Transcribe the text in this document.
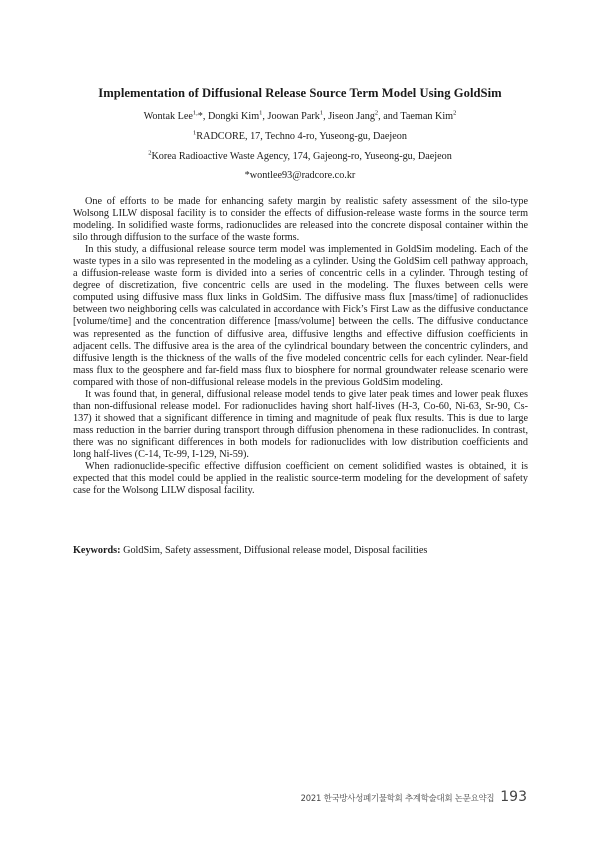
Implementation of Diffusional Release Source Term Model Using GoldSim
Wontak Lee$^{1,}$*, Dongki Kim$^1$, Joowan Park$^1$, Jiseon Jang$^2$, and Taeman Kim$^2$
$^1$RADCORE, 17, Techno 4-ro, Yuseong-gu, Daejeon
$^2$Korea Radioactive Waste Agency, 174, Gajeong-ro, Yuseong-gu, Daejeon
*wontlee93@radcore.co.kr

One of efforts to be made for enhancing safety margin by realistic safety assessment of the silo-type Wolsong LILW disposal facility is to consider the effects of diffusion-release waste forms in the source term modeling. In solidified waste forms, radionuclides are released into the concrete disposal container within the silo through diffusion to the surface of the waste forms.

In this study, a diffusional release source term model was implemented in GoldSim modeling. Each of the waste types in a silo was represented in the modeling as a cylinder. Using the GoldSim cell pathway approach, a diffusion-release waste form is divided into a series of concentric cells in a cylinder. Through testing of degree of discretization, five concentric cells are used in the modeling. The fluxes between cells were computed using diffusive mass flux links in GoldSim. The diffusive mass flux [mass/time] of radionuclides between two neighboring cells was calculated in accordance with Fick’s First Law as the diffusive conductance [volume/time] and the concentration difference [mass/volume] between the cells. The diffusive conductance was represented as the function of diffusive area, diffusive lengths and effective diffusion coefficients in adjacent cells. The diffusive area is the area of the cylindrical boundary between the concentric cylinders, and diffusive length is the thickness of the walls of the five modeled concentric cells for each cylinder. Near-field mass flux to the geosphere and far-field mass flux to biosphere for normal groundwater release scenario were compared with those of non-diffusional release models in the previous GoldSim modeling.

It was found that, in general, diffusional release model tends to give later peak times and lower peak fluxes than non-diffusional release model. For radionuclides having short half-lives (H-3, Co-60, Ni-63, Sr-90, Cs-137) it showed that a significant difference in timing and magnitude of peak flux results. This is due to large mass reduction in the barrier during transport through diffusion phenomena in these radionuclides. In contrast, there was no significant differences in both models for radionuclides with low distribution coefficients and long half-lives (C-14, Tc-99, I-129, Ni-59).

When radionuclide-specific effective diffusion coefficient on cement solidified wastes is obtained, it is expected that this model could be applied in the realistic source-term modeling for the development of safety case for the Wolsong LILW disposal facility.

Keywords: GoldSim, Safety assessment, Diffusional release model, Disposal facilities
2021 한국방사성폐기물학회 추계학술대회 논문요약집 193
